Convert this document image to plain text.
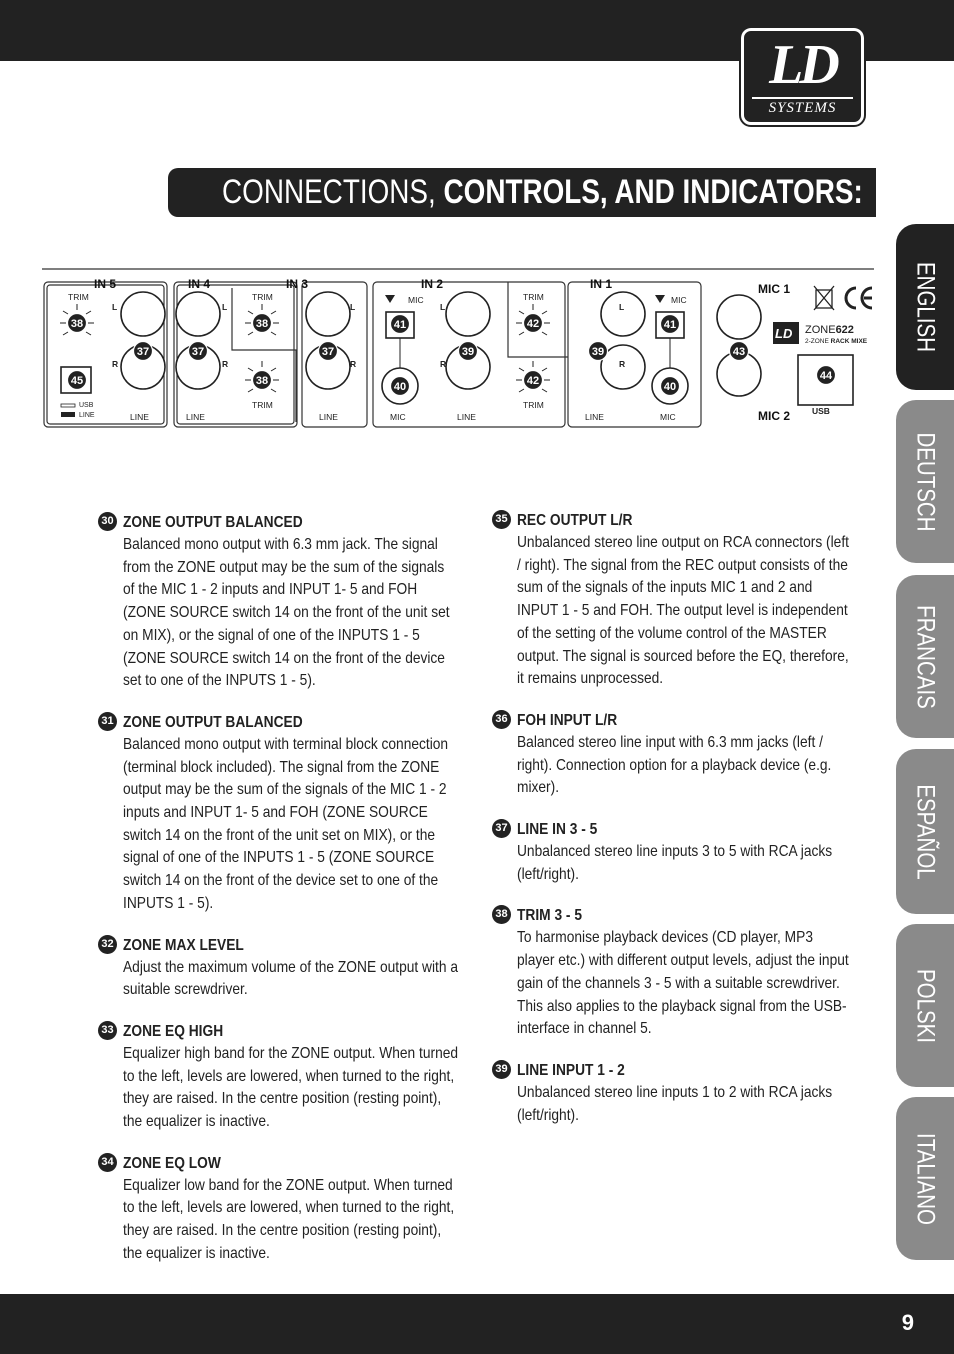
LD
SYSTEMS
CONNECTIONS, CONTROLS, AND INDICATORS:
ENGLISH
DEUTSCH
FRANCAIS
ESPAÑOL
POLSKI
ITALIANO
IN 5	IN 4	IN 3	IN 2	IN 1	MIC 1
MIC 2
LINE	LINE	LINE	LINE	LINE
MIC	MIC
TRIM	TRIM
TRIM
TRIM
TRIM
MIC	MIC
USB
LINE	USB
L
R
L
R
L
R
L
R
L
R
LD ZONE622
2-ZONE RACK MIXE
38
37
45
37
38
38
37
41
40
39
42
42
39
41
40
43
44
30 ZONE OUTPUT BALANCED
Balanced mono output with 6.3 mm jack. The signal from the ZONE output may be the sum of the signals of the MIC 1 - 2 inputs and INPUT 1- 5 and FOH (ZONE SOURCE switch 14 on the front of the unit set on MIX), or the signal of one of the INPUTS 1 - 5 (ZONE SOURCE switch 14 on the front of the device set to one of the INPUTS 1 - 5).
31 ZONE OUTPUT BALANCED
Balanced mono output with terminal block connection (terminal block included). The signal from the ZONE output may be the sum of the signals of the MIC 1 - 2 inputs and INPUT 1- 5 and FOH (ZONE SOURCE switch 14 on the front of the unit set on MIX), or the signal of one of the INPUTS 1 - 5 (ZONE SOURCE switch 14 on the front of the device set to one of the INPUTS 1 - 5).
32 ZONE MAX LEVEL
Adjust the maximum volume of the ZONE output with a suitable screwdriver.
33 ZONE EQ HIGH
Equalizer high band for the ZONE output. When turned to the left, levels are lowered, when turned to the right, they are raised. In the centre position (resting point), the equalizer is inactive.
34 ZONE EQ LOW
Equalizer low band for the ZONE output. When turned to the left, levels are lowered, when turned to the right, they are raised. In the centre position (resting point), the equalizer is inactive.
35 REC OUTPUT L/R
Unbalanced stereo line output on RCA connectors (left / right). The signal from the REC output consists of the sum of the signals of the inputs MIC 1 and 2 and INPUT 1 - 5 and FOH. The output level is independent of the setting of the volume control of the MASTER output. The signal is sourced before the EQ, therefore, it remains unprocessed.
36 FOH INPUT L/R
Balanced stereo line input with 6.3 mm jacks (left / right). Connection option for a playback device (e.g. mixer).
37 LINE IN 3 - 5
Unbalanced stereo line inputs 3 to 5 with RCA jacks (left/right).
38 TRIM 3 - 5
To harmonise playback devices (CD player, MP3 player etc.) with different output levels, adjust the input gain of the channels 3 - 5 with a suitable screwdriver.
This also applies to the playback signal from the USB-interface in channel 5.
39 LINE INPUT 1 - 2
Unbalanced stereo line inputs 1 to 2 with RCA jacks (left/right).
9
